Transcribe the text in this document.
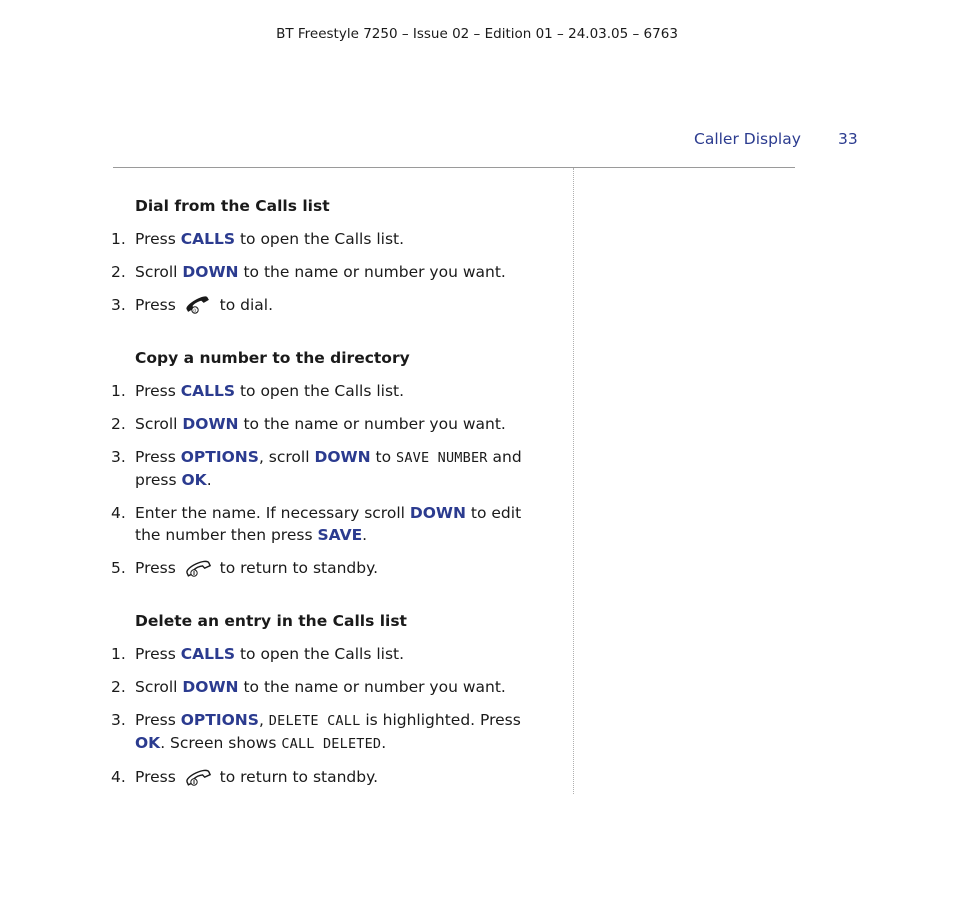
BT Freestyle 7250 – Issue 02 – Edition 01 – 24.03.05 – 6763
Caller Display 33
Dial from the Calls list
1. Press CALLS to open the Calls list.
2. Scroll DOWN to the name or number you want.
3. Press	(( to dial.
Copy a number to the directory
1. Press CALLS to open the Calls list.
2. Scroll DOWN to the name or number you want.
3. Press OPTIONS, scroll DOWN to SAVE NUMBER and press OK.
4. Enter the name. If necessary scroll DOWN to edit the number then press SAVE.
5. Press
to return to standby.
Delete an entry in the Calls list
1. Press CALLS to open the Calls list.
2. Scroll DOWN to the name or number you want.
3. Press OPTIONS, DELETE CALL is highlighted. Press OK. Screen shows CALL DELETED.
4. Press
to return to standby.
